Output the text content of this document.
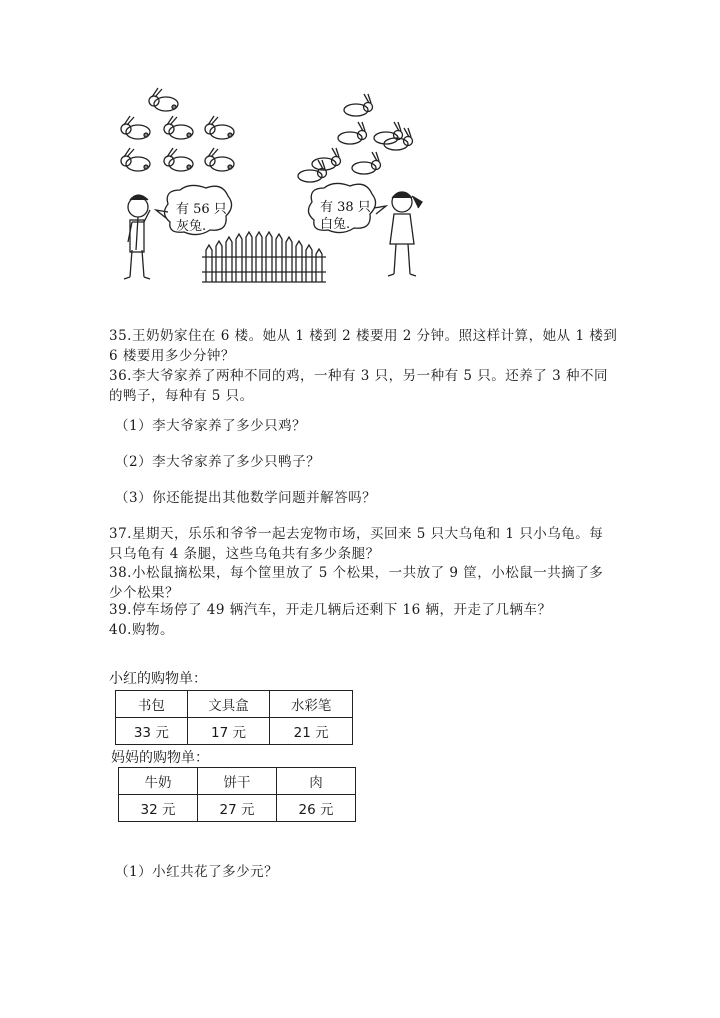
有 56 只
灰兔.
有 38 只
白兔.
35.王奶奶家住在 6 楼。她从 1 楼到 2 楼要用 2 分钟。照这样计算，她从 1 楼到
6 楼要用多少分钟？
36.李大爷家养了两种不同的鸡，一种有 3 只，另一种有 5 只。还养了 3 种不同
的鸭子，每种有 5 只。
（1）李大爷家养了多少只鸡？
（2）李大爷家养了多少只鸭子？
（3）你还能提出其他数学问题并解答吗？
37.星期天，乐乐和爷爷一起去宠物市场，买回来 5 只大乌龟和 1 只小乌龟。每
只乌龟有 4 条腿，这些乌龟共有多少条腿？
38.小松鼠摘松果，每个筐里放了 5 个松果，一共放了 9 筐，小松鼠一共摘了多
少个松果？
39.停车场停了 49 辆汽车，开走几辆后还剩下 16 辆，开走了几辆车？
40.购物。
小红的购物单：
书包	文具盒	水彩笔
33 元	17 元	21 元
妈妈的购物单：
牛奶	饼干	肉
32 元	27 元	26 元
（1）小红共花了多少元？
